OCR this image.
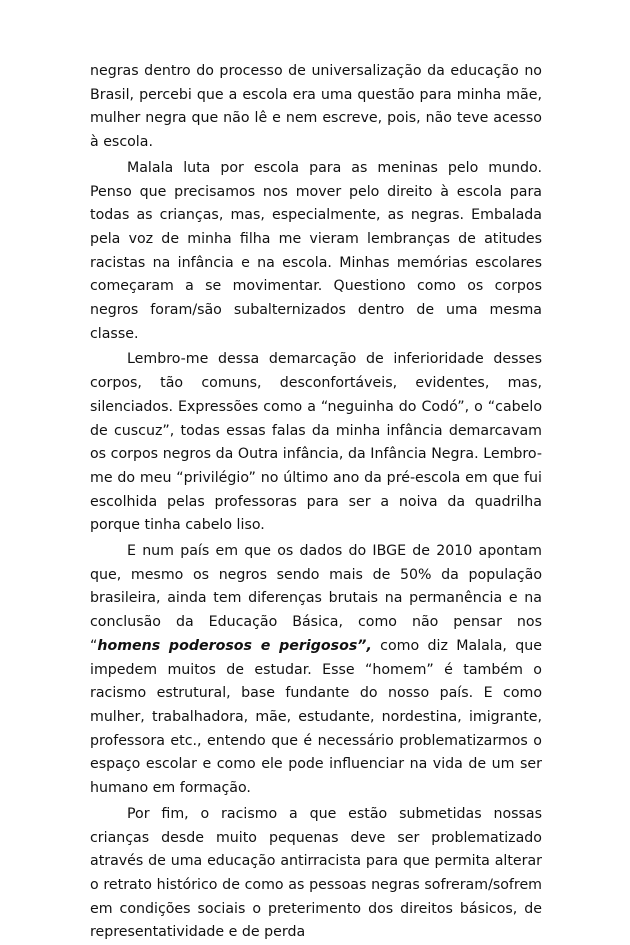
negras dentro do processo de universalização da educação no Brasil, percebi que a escola era uma questão para minha mãe, mulher negra que não lê e nem escreve, pois, não teve acesso à escola.

Malala luta por escola para as meninas pelo mundo. Penso que precisamos nos mover pelo direito à escola para todas as crianças, mas, especialmente, as negras. Embalada pela voz de minha filha me vieram lembranças de atitudes racistas na infância e na escola. Minhas memórias escolares começaram a se movimentar. Questiono como os corpos negros foram/são subalternizados dentro de uma mesma classe.

Lembro-me dessa demarcação de inferioridade desses corpos, tão comuns, desconfortáveis, evidentes, mas, silenciados. Expressões como a “neguinha do Codó”, o “cabelo de cuscuz”, todas essas falas da minha infância demarcavam os corpos negros da Outra infância, da Infância Negra. Lembro-me do meu “privilégio” no último ano da pré-escola em que fui escolhida pelas professoras para ser a noiva da quadrilha porque tinha cabelo liso.

E num país em que os dados do IBGE de 2010 apontam que, mesmo os negros sendo mais de 50% da população brasileira, ainda tem diferenças brutais na permanência e na conclusão da Educação Básica, como não pensar nos “homens poderosos e perigosos”, como diz Malala, que impedem muitos de estudar. Esse “homem” é também o racismo estrutural, base fundante do nosso país. E como mulher, trabalhadora, mãe, estudante, nordestina, imigrante, professora etc., entendo que é necessário problematizarmos o espaço escolar e como ele pode influenciar na vida de um ser humano em formação.

Por fim, o racismo a que estão submetidas nossas crianças desde muito pequenas deve ser problematizado através de uma educação antirracista para que permita alterar o retrato histórico de como as pessoas negras sofreram/sofrem em condições sociais o preterimento dos direitos básicos, de representatividade e de perda
